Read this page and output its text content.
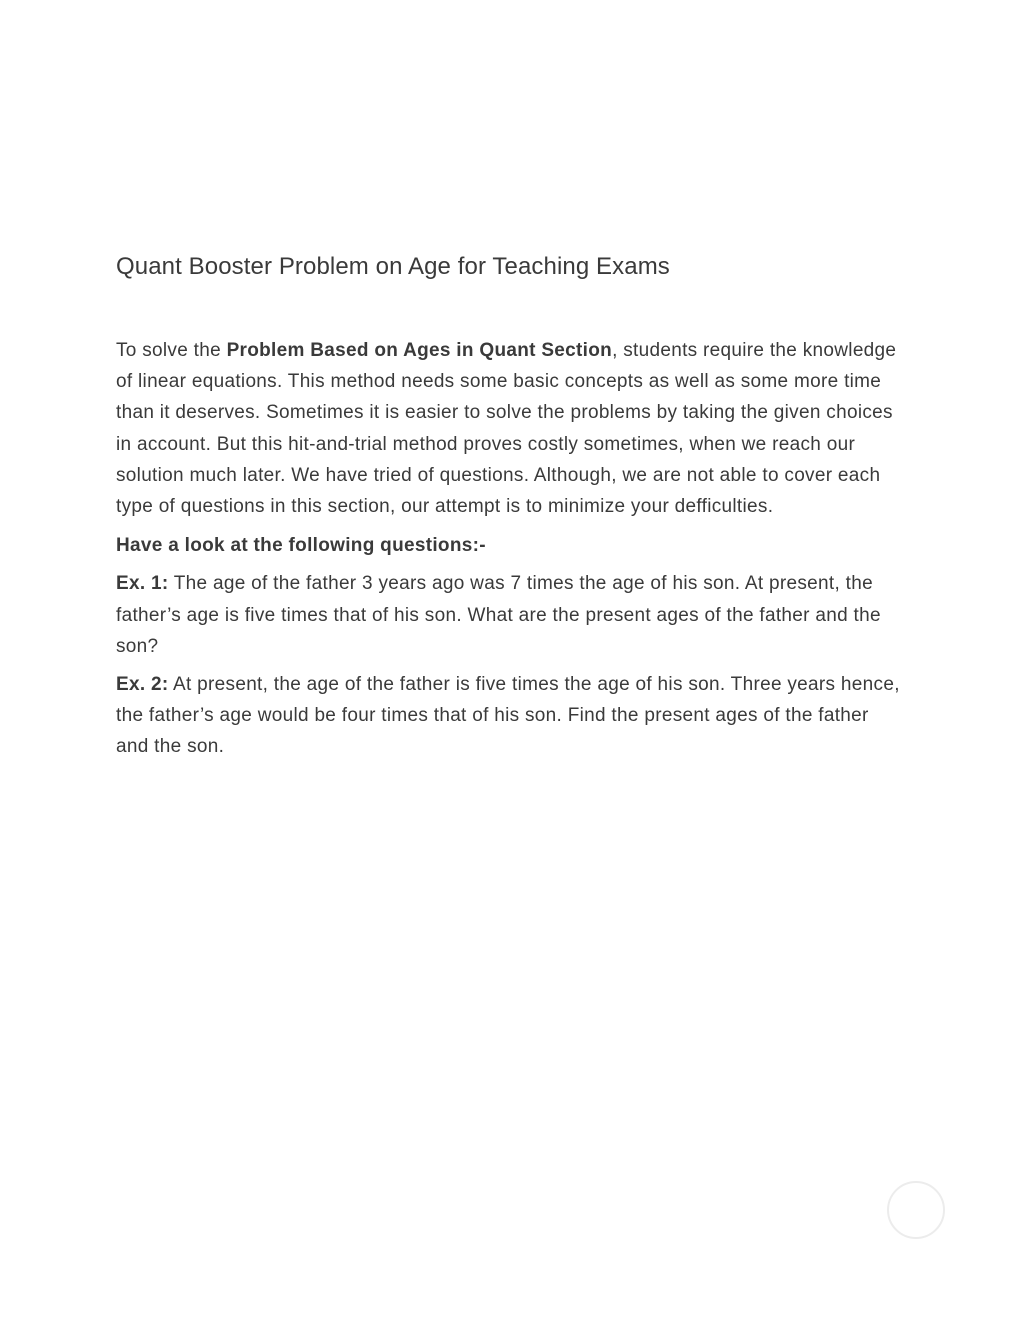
Quant Booster Problem on Age for Teaching Exams

To solve the Problem Based on Ages in Quant Section, students require the knowledge of linear equations. This method needs some basic concepts as well as some more time than it deserves. Sometimes it is easier to solve the problems by taking the given choices in account. But this hit-and-trial method proves costly sometimes, when we reach our solution much later. We have tried of questions. Although, we are not able to cover each type of questions in this section, our attempt is to minimize your defficulties.

Have a look at the following questions:-

Ex. 1: The age of the father 3 years ago was 7 times the age of his son. At present, the father’s age is five times that of his son. What are the present ages of the father and the son?

Ex. 2: At present, the age of the father is five times the age of his son. Three years hence, the father’s age would be four times that of his son. Find the present ages of the father and the son.
